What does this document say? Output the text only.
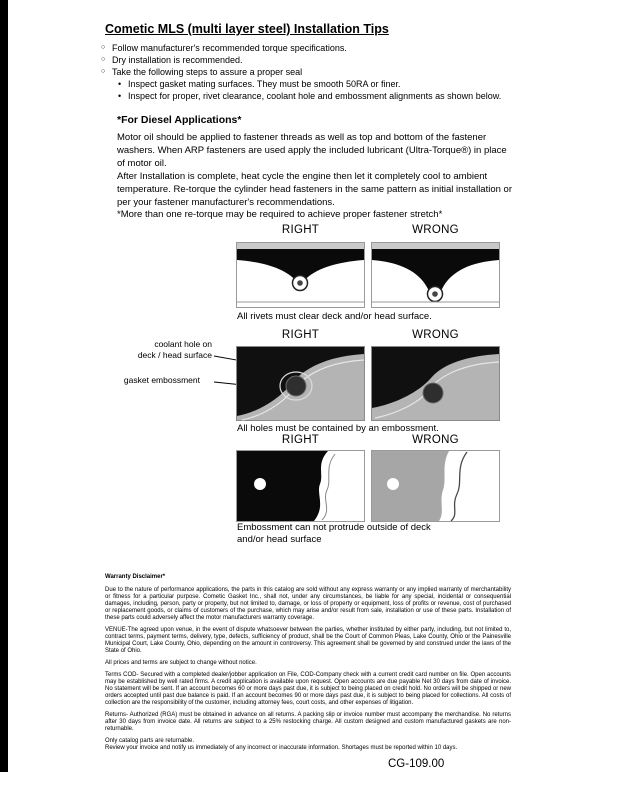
Cometic MLS (multi layer steel) Installation Tips
○ Follow manufacturer's recommended torque specifications.
○ Dry installation is recommended.
○ Take the following steps to assure a proper seal
• Inspect gasket mating surfaces. They must be smooth 50RA or finer.
• Inspect for proper, rivet clearance, coolant hole and embossment alignments as shown below.
*For Diesel Applications*
Motor oil should be applied to fastener threads as well as top and bottom of the fastener washers. When ARP fasteners are used apply the included lubricant (Ultra-Torque®) in place of motor oil.
After Installation is complete, heat cycle the engine then let it completely cool to ambient temperature. Re-torque the cylinder head fasteners in the same pattern as initial installation or per your fastener manufacturer's recommendations.
*More than one re-torque may be required to achieve proper fastener stretch*
RIGHT	WRONG
All rivets must clear deck and/or head surface.
RIGHT	WRONG
coolant hole on
deck / head surface
gasket embossment
All holes must be contained by an embossment.
RIGHT	WRONG
Embossment can not protrude outside of deck
and/or head surface
Warranty Disclaimer*
Due to the nature of performance applications, the parts in this catalog are sold without any express warranty or any implied warranty of merchantability or fitness for a particular purpose. Cometic Gasket Inc., shall not, under any circumstances, be liable for any special, incidental or consequential damages, including, person, party or property, but not limited to, damage, or loss of property or equipment, loss of profits or revenue, cost of purchased or replacement goods, or claims of customers of the purchase, which may arise and/or result from sale, installation or use of these parts. Installation of these parts could adversely affect the motor manufacturers warranty coverage.
VENUE-The agreed upon venue, in the event of dispute whatsoever between the parties, whether instituted by either party, including, but not limited to, contract terms, payment terms, delivery, type, defects, sufficiency of product, shall be the Court of Common Pleas, Lake County, Ohio or the Painesville Municipal Court, Lake County, Ohio, depending on the amount in controversy. This agreement shall be governed by and construed under the laws of the State of Ohio.
All prices and terms are subject to change without notice.
Terms COD- Secured with a completed dealer/jobber application on File, COD-Company check with a current credit card number on file. Open accounts may be established by well rated firms. A credit application is available upon request. Open accounts are due payable Net 30 days from date of invoice. No statement will be sent. If an account becomes 60 or more days past due, it is subject to being placed on credit hold. No orders will be shipped or new orders accepted until past due balance is paid. If an account becomes 90 or more days past due, it is subject to being placed for collections. All costs of collection are the responsibility of the customer, including attorney fees, court costs, and other expenses of litigation.
Returns- Authorized (RGA) must be obtained in advance on all returns. A packing slip or invoice number must accompany the merchandise. No returns after 30 days from invoice date. All returns are subject to a 25% restocking charge. All custom designed and custom manufactured gaskets are non-returnable.
Only catalog parts are returnable.
Review your invoice and notify us immediately of any incorrect or inaccurate information. Shortages must be reported within 10 days.
CG-109.00
